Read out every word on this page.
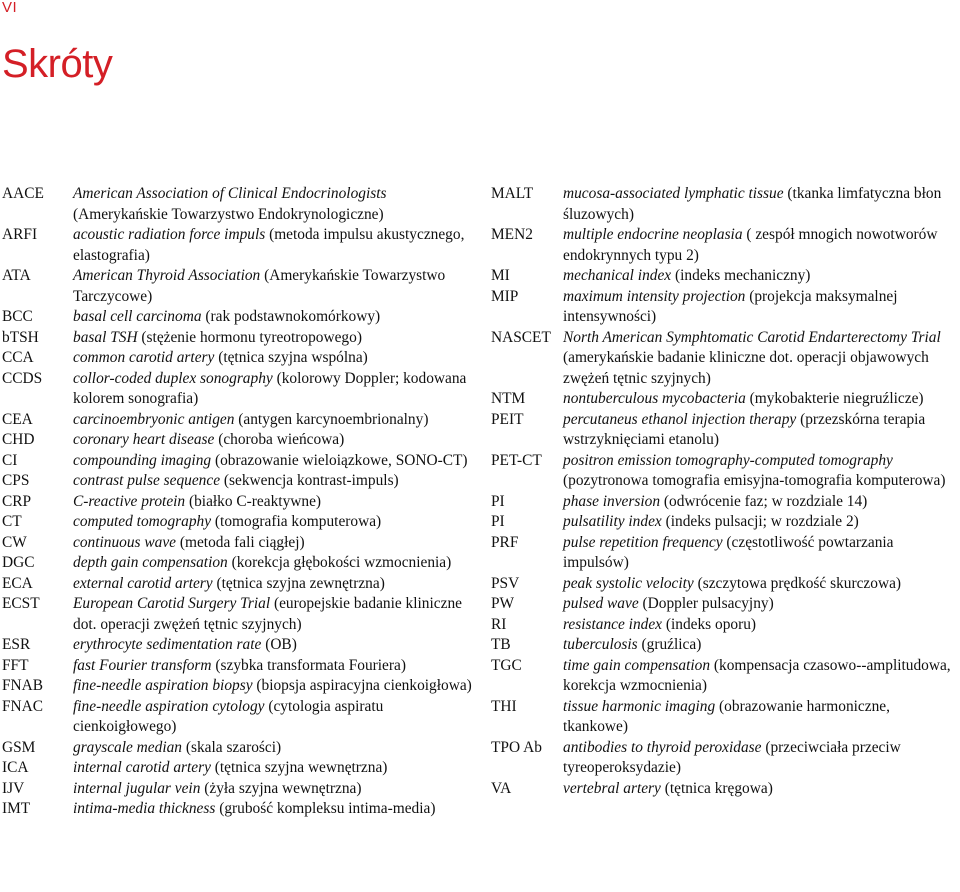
VI
Skróty
AACE	American Association of Clinical Endocrinologists (Amerykańskie Towarzystwo Endokrynologiczne)
ARFI	acoustic radiation force impuls (metoda impulsu akustycznego, elastografia)
ATA	American Thyroid Association (Amerykańskie Towarzystwo Tarczycowe)
BCC	basal cell carcinoma (rak podstawnokomórkowy)
bTSH	basal TSH (stężenie hormonu tyreotropowego)
CCA	common carotid artery (tętnica szyjna wspólna)
CCDS	collor-coded duplex sonography (kolorowy Doppler; kodowana kolorem sonografia)
CEA	carcinoembryonic antigen (antygen karcynoembrionalny)
CHD	coronary heart disease (choroba wieńcowa)
CI	compounding imaging (obrazowanie wieloiązkowe, SONO-CT)
CPS	contrast pulse sequence (sekwencja kontrast-impuls)
CRP	C-reactive protein (białko C-reaktywne)
CT	computed tomography (tomografia komputerowa)
CW	continuous wave (metoda fali ciągłej)
DGC	depth gain compensation (korekcja głębokości wzmocnienia)
ECA	external carotid artery (tętnica szyjna zewnętrzna)
ECST	European Carotid Surgery Trial (europejskie badanie kliniczne dot. operacji zwężeń tętnic szyjnych)
ESR	erythrocyte sedimentation rate (OB)
FFT	fast Fourier transform (szybka transformata Fouriera)
FNAB	fine-needle aspiration biopsy (biopsja aspiracyjna cienkoigłowa)
FNAC	fine-needle aspiration cytology (cytologia aspiratu cienkoigłowego)
GSM	grayscale median (skala szarości)
ICA	internal carotid artery (tętnica szyjna wewnętrzna)
IJV	internal jugular vein (żyła szyjna wewnętrzna)
IMT	intima-media thickness (grubość kompleksu intima-media)
MALT	mucosa-associated lymphatic tissue (tkanka limfatyczna błon śluzowych)
MEN2	multiple endocrine neoplasia ( zespół mnogich nowotworów endokrynnych typu 2)
MI	mechanical index (indeks mechaniczny)
MIP	maximum intensity projection (projekcja maksymalnej intensywności)
NASCET North American Symphtomatic Carotid Endarterectomy Trial (amerykańskie badanie kliniczne dot. operacji objawowych zwężeń tętnic szyjnych)
NTM	nontuberculous mycobacteria (mykobakterie niegruźlicze)
PEIT	percutaneus ethanol injection therapy (przezskórna terapia wstrzyknięciami etanolu)
PET-CT	positron emission tomography-computed tomography (pozytronowa tomografia emisyjna-tomografia komputerowa)
PI	phase inversion (odwrócenie faz; w rozdziale 14)
PI	pulsatility index (indeks pulsacji; w rozdziale 2)
PRF	pulse repetition frequency (częstotliwość powtarzania impulsów)
PSV	peak systolic velocity (szczytowa prędkość skurczowa)
PW	pulsed wave (Doppler pulsacyjny)
RI	resistance index (indeks oporu)
TB	tuberculosis (gruźlica)
TGC	time gain compensation (kompensacja czasowo--amplitudowa, korekcja wzmocnienia)
THI	tissue harmonic imaging (obrazowanie harmoniczne, tkankowe)
TPO Ab	antibodies to thyroid peroxidase (przeciwciała przeciw tyreoperoksydazie)
VA	vertebral artery (tętnica kręgowa)
